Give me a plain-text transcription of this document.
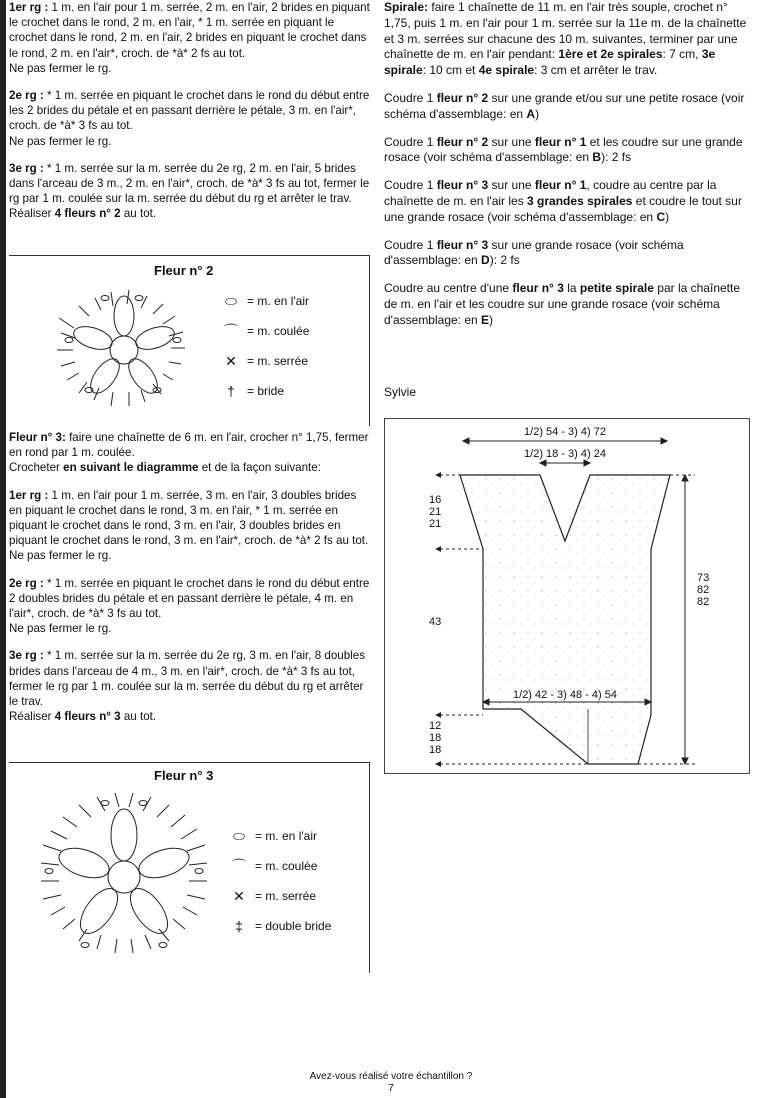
1er rg : 1 m. en l'air pour 1 m. serrée, 2 m. en l'air, 2 brides en piquant le crochet dans le rond, 2 m. en l'air, * 1 m. serrée en piquant le crochet dans le rond, 2 m. en l'air, 2 brides en piquant le crochet dans le rond, 2 m. en l'air*, croch. de *à* 2 fs au tot.
Ne pas fermer le rg.

2e rg : * 1 m. serrée en piquant le crochet dans le rond du début entre les 2 brides du pétale et en passant derrière le pétale, 3 m. en l'air*, croch. de *à* 3 fs au tot.
Ne pas fermer le rg.

3e rg : * 1 m. serrée sur la m. serrée du 2e rg, 2 m. en l'air, 5 brides dans l'arceau de 3 m., 2 m. en l'air*, croch. de *à* 3 fs au tot, fermer le rg par 1 m. coulée sur la m. serrée du début du rg et arrêter le trav.
Réaliser 4 fleurs n° 2 au tot.

Fleur n° 3: faire une chaînette de 6 m. en l'air, crocher n° 1,75, fermer en rond par 1 m. coulée.
Crocheter en suivant le diagramme et de la façon suivante:

1er rg : 1 m. en l'air pour 1 m. serrée, 3 m. en l'air, 3 doubles brides en piquant le crochet dans le rond, 3 m. en l'air, * 1 m. serrée en piquant le crochet dans le rond, 3 m. en l'air, 3 doubles brides en piquant le crochet dans le rond, 3 m. en l'air*, croch. de *à* 2 fs au tot.
Ne pas fermer le rg.

2e rg : * 1 m. serrée en piquant le crochet dans le rond du début entre 2 doubles brides du pétale et en passant derrière le pétale, 4 m. en l'air*, croch. de *à* 3 fs au tot.
Ne pas fermer le rg.

3e rg : * 1 m. serrée sur la m. serrée du 2e rg, 3 m. en l'air, 8 doubles brides dans l'arceau de 4 m., 3 m. en l'air*, croch. de *à* 3 fs au tot, fermer le rg par 1 m. coulée sur la m. serrée du début du rg et arrêter le trav.
Réaliser 4 fleurs n° 3 au tot.

Fleur n° 2
⬭ = m. en l'air
⌒ = m. coulée
✕ = m. serrée
†	= bride
Fleur n° 3
⬭ = m. en l'air
⌒ = m. coulée
✕ = m. serrée
‡	= double bride

Spirale: faire 1 chaînette de 11 m. en l'air très souple, crochet n° 1,75, puis 1 m. en l'air pour 1 m. serrée sur la 11e m. de la chaînette et 3 m. serrées sur chacune des 10 m. suivantes, terminer par une chaînette de m. en l'air pendant: 1ère et 2e spirales: 7 cm, 3e spirale: 10 cm et 4e spirale: 3 cm et arrêter le trav.

Coudre 1 fleur n° 2 sur une grande et/ou sur une petite rosace (voir schéma d'assemblage: en A)

Coudre 1 fleur n° 2 sur une fleur n° 1 et les coudre sur une grande rosace (voir schéma d'assemblage: en B): 2 fs

Coudre 1 fleur n° 3 sur une fleur n° 1, coudre au centre par la chaînette de m. en l'air les 3 grandes spirales et coudre le tout sur une grande rosace (voir schéma d'assemblage: en C)

Coudre 1 fleur n° 3 sur une grande rosace (voir schéma d'assemblage: en D): 2 fs

Coudre au centre d'une fleur n° 3 la petite spirale par la chaînette de m. en l'air et les coudre sur une grande rosace (voir schéma d'assemblage: en E)

Sylvie
1/2) 54 - 3) 4) 72
1/2) 18 - 3) 4) 24
1/2) 42 - 3) 48 - 4) 54
16
21
21
43
12
18
18
73
82
82
Avez-vous réalisé votre échantillon ?
7
